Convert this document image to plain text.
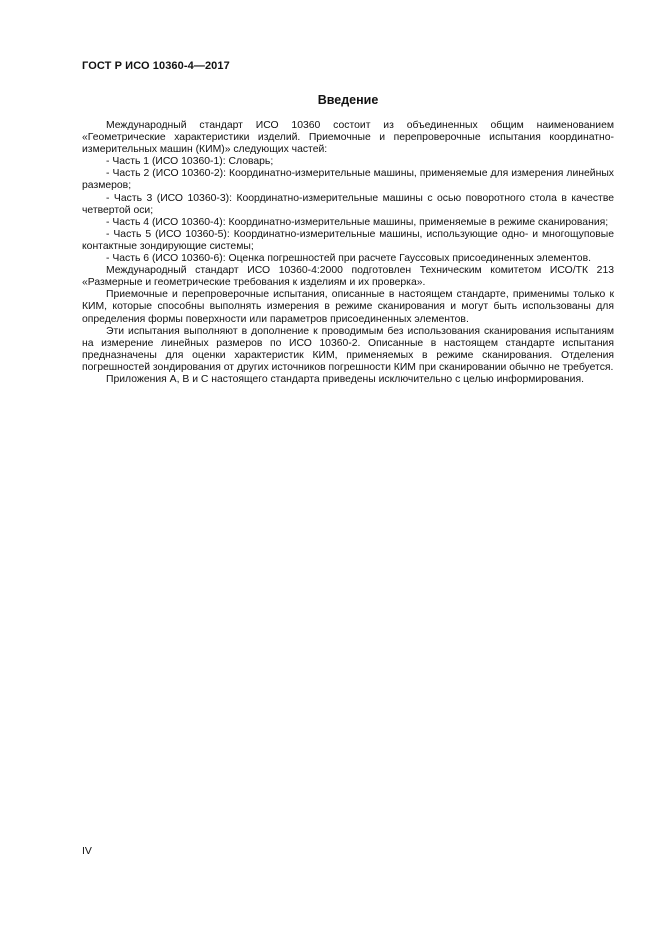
ГОСТ Р ИСО 10360-4—2017
Введение

Международный стандарт ИСО 10360 состоит из объединенных общим наименованием «Геометрические характеристики изделий. Приемочные и перепроверочные испытания координатно-измерительных машин (КИМ)» следующих частей:

- Часть 1 (ИСО 10360-1): Словарь;

- Часть 2 (ИСО 10360-2): Координатно-измерительные машины, применяемые для измерения линейных размеров;

- Часть 3 (ИСО 10360-3): Координатно-измерительные машины с осью поворотного стола в качестве четвертой оси;

- Часть 4 (ИСО 10360-4): Координатно-измерительные машины, применяемые в режиме сканирования;

- Часть 5 (ИСО 10360-5): Координатно-измерительные машины, использующие одно- и многощуповые контактные зондирующие системы;

- Часть 6 (ИСО 10360-6): Оценка погрешностей при расчете Гауссовых присоединенных элементов.

Международный стандарт ИСО 10360-4:2000 подготовлен Техническим комитетом ИСО/ТК 213 «Размерные и геометрические требования к изделиям и их проверка».

Приемочные и перепроверочные испытания, описанные в настоящем стандарте, применимы только к КИМ, которые способны выполнять измерения в режиме сканирования и могут быть использованы для определения формы поверхности или параметров присоединенных элементов.

Эти испытания выполняют в дополнение к проводимым без использования сканирования испытаниям на измерение линейных размеров по ИСО 10360-2. Описанные в настоящем стандарте испытания предназначены для оценки характеристик КИМ, применяемых в режиме сканирования. Отделения погрешностей зондирования от других источников погрешности КИМ при сканировании обычно не требуется.

Приложения А, В и С настоящего стандарта приведены исключительно с целью информирования.

IV
